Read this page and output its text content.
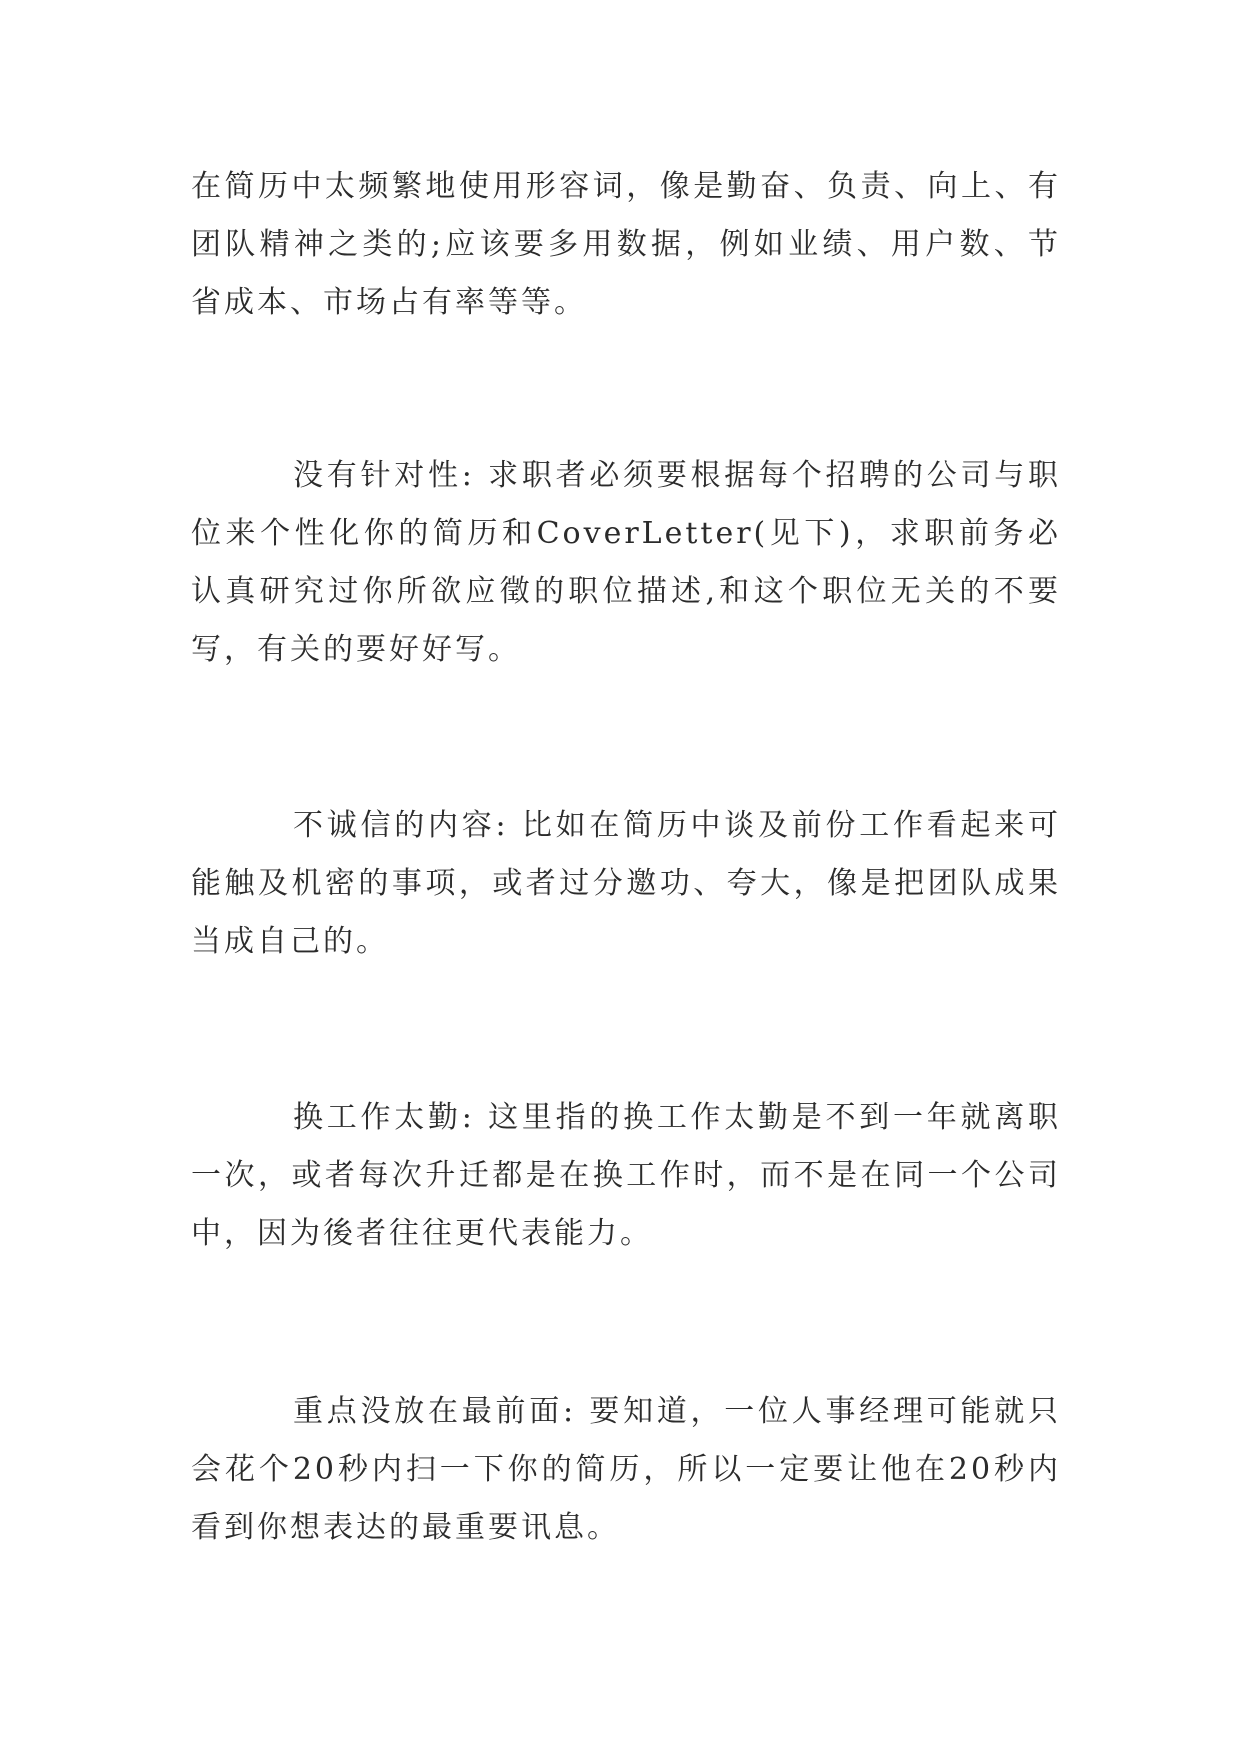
在简历中太频繁地使用形容词，像是勤奋、负责、向上、有团队精神之类的;应该要多用数据，例如业绩、用户数、节省成本、市场占有率等等。

没有针对性: 求职者必须要根据每个招聘的公司与职位来个性化你的简历和CoverLetter(见下)，求职前务必认真研究过你所欲应徵的职位描述,和这个职位无关的不要写，有关的要好好写。

不诚信的内容: 比如在简历中谈及前份工作看起来可能触及机密的事项，或者过分邀功、夸大，像是把团队成果当成自己的。

换工作太勤: 这里指的换工作太勤是不到一年就离职一次，或者每次升迁都是在换工作时，而不是在同一个公司中，因为後者往往更代表能力。

重点没放在最前面: 要知道，一位人事经理可能就只会花个20秒内扫一下你的简历，所以一定要让他在20秒内看到你想表达的最重要讯息。
